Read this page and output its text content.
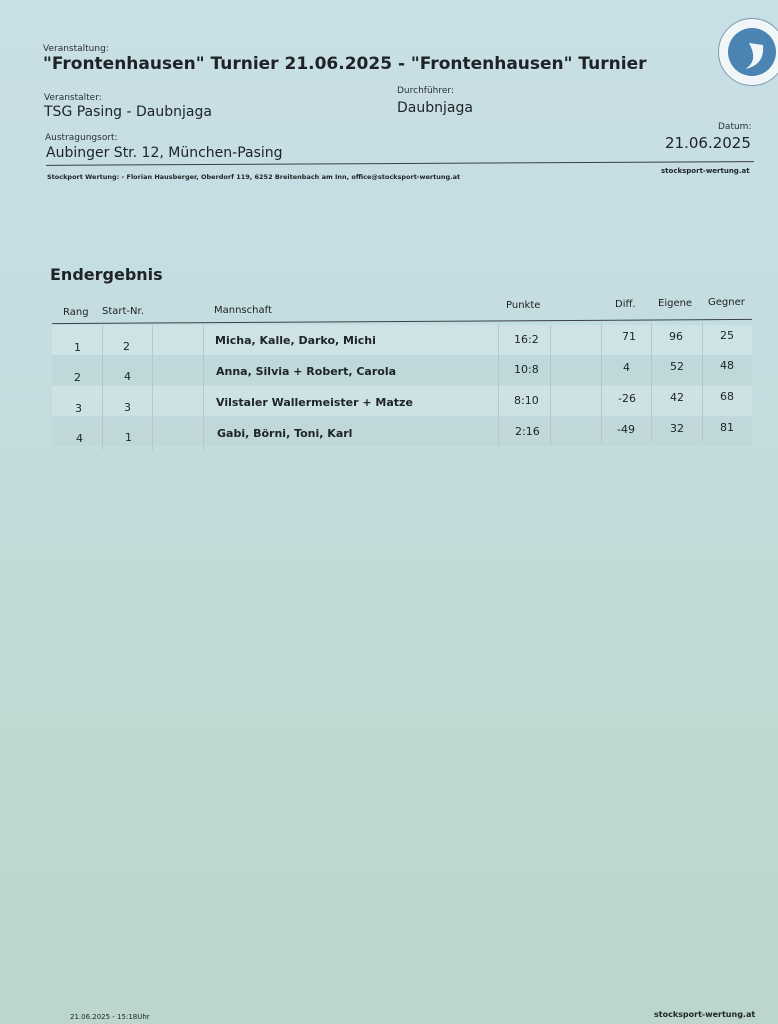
Veranstaltung:
"Frontenhausen" Turnier 21.06.2025 - "Frontenhausen" Turnier
Veranstalter:
TSG Pasing - Daubnjaga
Durchführer:
Daubnjaga
Austragungsort:
Aubinger Str. 12, München-Pasing
Datum:
21.06.2025
Stockport Wertung: - Florian Hausberger, Oberdorf 119, 6252 Breitenbach am Inn, office@stocksport-wertung.at
stocksport-wertung.at
Endergebnis
Rang Start-Nr.	Mannschaft	Punkte	Diff. Eigene Gegner
1	2	Micha, Kalle, Darko, Michi	16:2	71	96	25
2	4	Anna, Silvia + Robert, Carola	10:8	4	52	48
3	3	Vilstaler Wallermeister + Matze	8:10	-26	42	68
4	1	Gabi, Börni, Toni, Karl	2:16	-49	32	81
21.06.2025 - 15:18Uhr	stocksport-wertung.at
